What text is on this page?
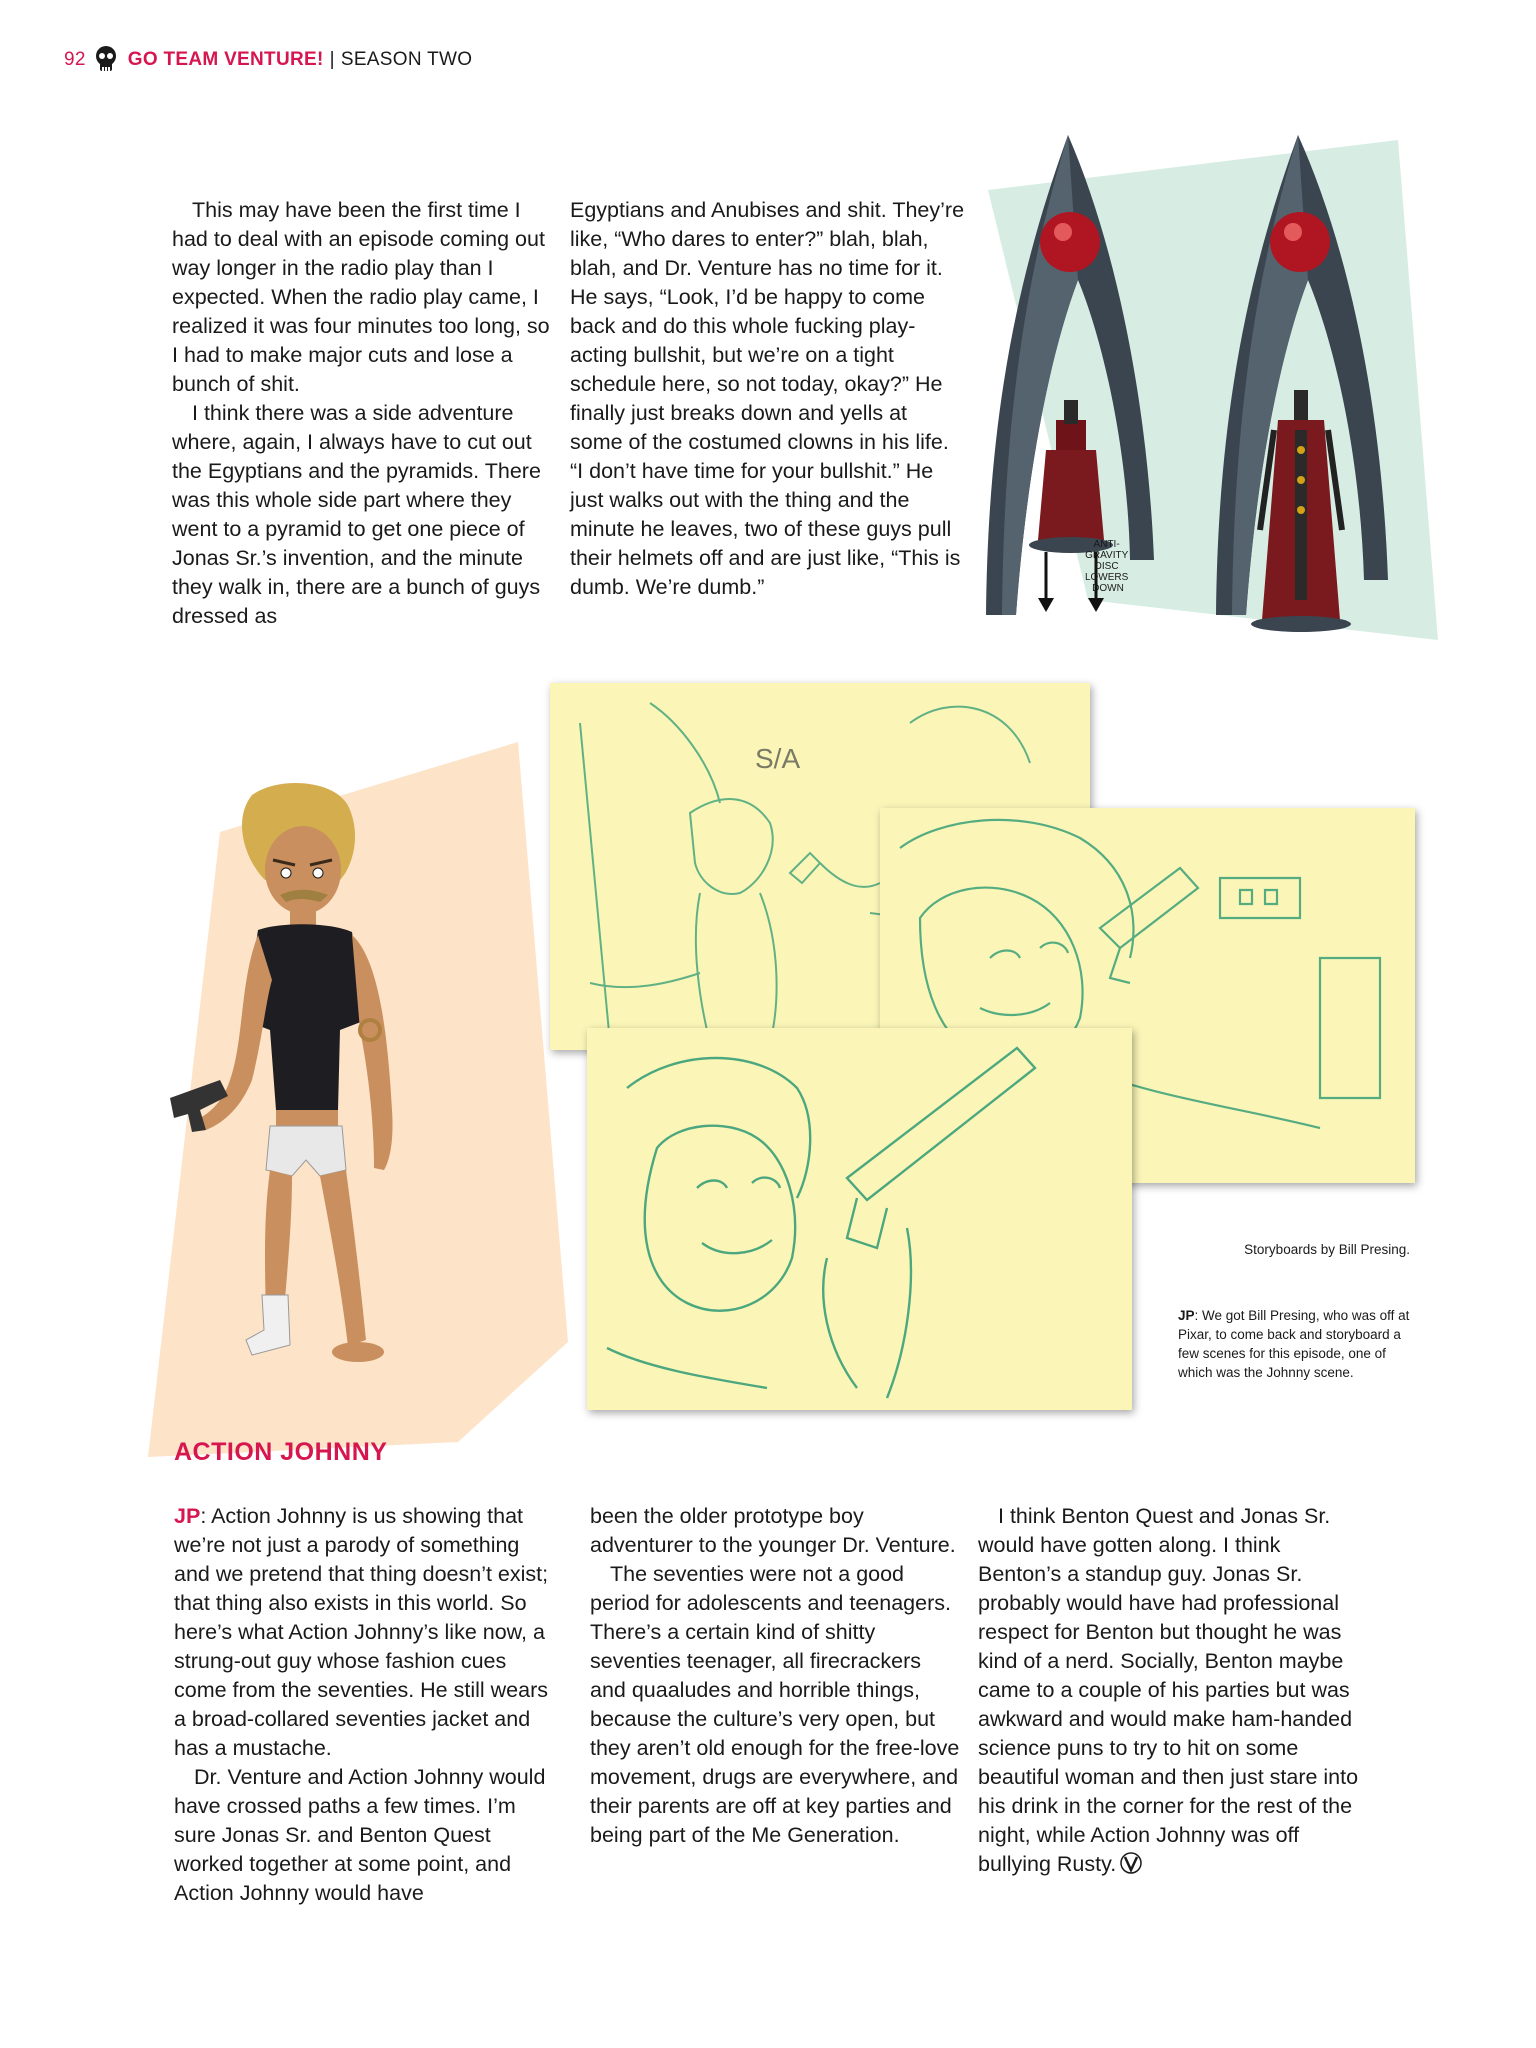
92 GO TEAM VENTURE! | SEASON TWO

This may have been the first time I had to deal with an episode coming out way longer in the radio play than I expected. When the radio play came, I realized it was four minutes too long, so I had to make major cuts and lose a bunch of shit.

I think there was a side adventure where, again, I always have to cut out the Egyptians and the pyramids. There was this whole side part where they went to a pyramid to get one piece of Jonas Sr.’s invention, and the minute they walk in, there are a bunch of guys dressed as

Egyptians and Anubises and shit. They’re like, “Who dares to enter?” blah, blah, blah, and Dr. Venture has no time for it. He says, “Look, I’d be happy to come back and do this whole fucking play-acting bullshit, but we’re on a tight schedule here, so not today, okay?” He finally just breaks down and yells at some of the costumed clowns in his life. “I don’t have time for your bullshit.” He just walks out with the thing and the minute he leaves, two of these guys pull their helmets off and are just like, “This is dumb. We’re dumb.”

ANTI- GRAVITY DISC LOWERS DOWN
S/A
Storyboards by Bill Presing.
JP: We got Bill Presing, who was off at Pixar, to come back and storyboard a few scenes for this episode, one of which was the Johnny scene.
ACTION JOHNNY

JP: Action Johnny is us showing that we’re not just a parody of something and we pretend that thing doesn’t exist; that thing also exists in this world. So here’s what Action Johnny’s like now, a strung-out guy whose fashion cues come from the seventies. He still wears a broad-collared seventies jacket and has a mustache.

Dr. Venture and Action Johnny would have crossed paths a few times. I’m sure Jonas Sr. and Benton Quest worked together at some point, and Action Johnny would have

been the older prototype boy adventurer to the younger Dr. Venture.

The seventies were not a good period for adolescents and teenagers. There’s a certain kind of shitty seventies teenager, all firecrackers and quaaludes and horrible things, because the culture’s very open, but they aren’t old enough for the free-love movement, drugs are everywhere, and their parents are off at key parties and being part of the Me Generation.

I think Benton Quest and Jonas Sr. would have gotten along. I think Benton’s a standup guy. Jonas Sr. probably would have had professional respect for Benton but thought he was kind of a nerd. Socially, Benton maybe came to a couple of his parties but was awkward and would make ham-handed science puns to try to hit on some beautiful woman and then just stare into his drink in the corner for the rest of the night, while Action Johnny was off bullying Rusty.
